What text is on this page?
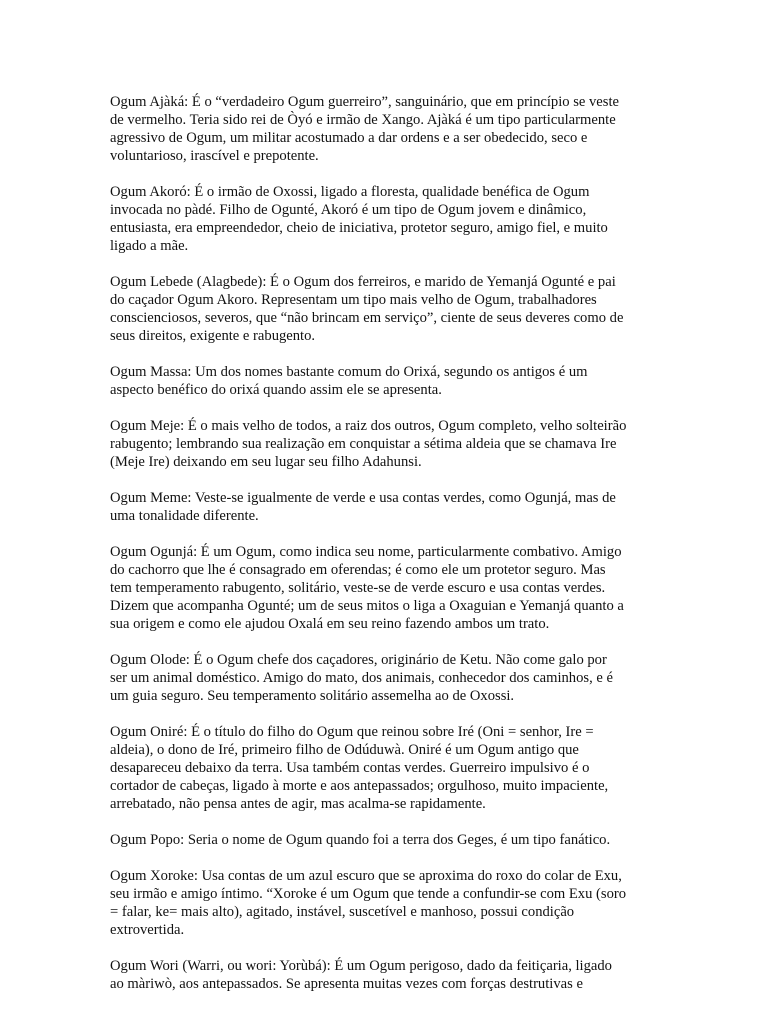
Ogum Ajàká: É o “verdadeiro Ogum guerreiro”, sanguinário, que em princípio se veste
de vermelho. Teria sido rei de Òyó e irmão de Xango. Ajàká é um tipo particularmente
agressivo de Ogum, um militar acostumado a dar ordens e a ser obedecido, seco e
voluntarioso, irascível e prepotente.

Ogum Akoró: É o irmão de Oxossi, ligado a floresta, qualidade benéfica de Ogum
invocada no pàdé. Filho de Ogunté, Akoró é um tipo de Ogum jovem e dinâmico,
entusiasta, era empreendedor, cheio de iniciativa, protetor seguro, amigo fiel, e muito
ligado a mãe.

Ogum Lebede (Alagbede): É o Ogum dos ferreiros, e marido de Yemanjá Ogunté e pai
do caçador Ogum Akoro. Representam um tipo mais velho de Ogum, trabalhadores
conscienciosos, severos, que “não brincam em serviço”, ciente de seus deveres como de
seus direitos, exigente e rabugento.

Ogum Massa: Um dos nomes bastante comum do Orixá, segundo os antigos é um
aspecto benéfico do orixá quando assim ele se apresenta.

Ogum Meje: É o mais velho de todos, a raiz dos outros, Ogum completo, velho solteirão
rabugento; lembrando sua realização em conquistar a sétima aldeia que se chamava Ire
(Meje Ire) deixando em seu lugar seu filho Adahunsi.

Ogum Meme: Veste-se igualmente de verde e usa contas verdes, como Ogunjá, mas de
uma tonalidade diferente.

Ogum Ogunjá: É um Ogum, como indica seu nome, particularmente combativo. Amigo
do cachorro que lhe é consagrado em oferendas; é como ele um protetor seguro. Mas
tem temperamento rabugento, solitário, veste-se de verde escuro e usa contas verdes.
Dizem que acompanha Ogunté; um de seus mitos o liga a Oxaguian e Yemanjá quanto a
sua origem e como ele ajudou Oxalá em seu reino fazendo ambos um trato.

Ogum Olode: É o Ogum chefe dos caçadores, originário de Ketu. Não come galo por
ser um animal doméstico. Amigo do mato, dos animais, conhecedor dos caminhos, e é
um guia seguro. Seu temperamento solitário assemelha ao de Oxossi.

Ogum Oniré: É o título do filho do Ogum que reinou sobre Iré (Oni = senhor, Ire =
aldeia), o dono de Iré, primeiro filho de Odúduwà. Oniré é um Ogum antigo que
desapareceu debaixo da terra. Usa também contas verdes. Guerreiro impulsivo é o
cortador de cabeças, ligado à morte e aos antepassados; orgulhoso, muito impaciente,
arrebatado, não pensa antes de agir, mas acalma-se rapidamente.

Ogum Popo: Seria o nome de Ogum quando foi a terra dos Geges, é um tipo fanático.

Ogum Xoroke: Usa contas de um azul escuro que se aproxima do roxo do colar de Exu,
seu irmão e amigo íntimo. “Xoroke é um Ogum que tende a confundir-se com Exu (soro
= falar, ke= mais alto), agitado, instável, suscetível e manhoso, possui condição
extrovertida.

Ogum Wori (Warri, ou wori: Yorùbá): É um Ogum perigoso, dado da feitiçaria, ligado
ao màriwò, aos antepassados. Se apresenta muitas vezes com forças destrutivas e
